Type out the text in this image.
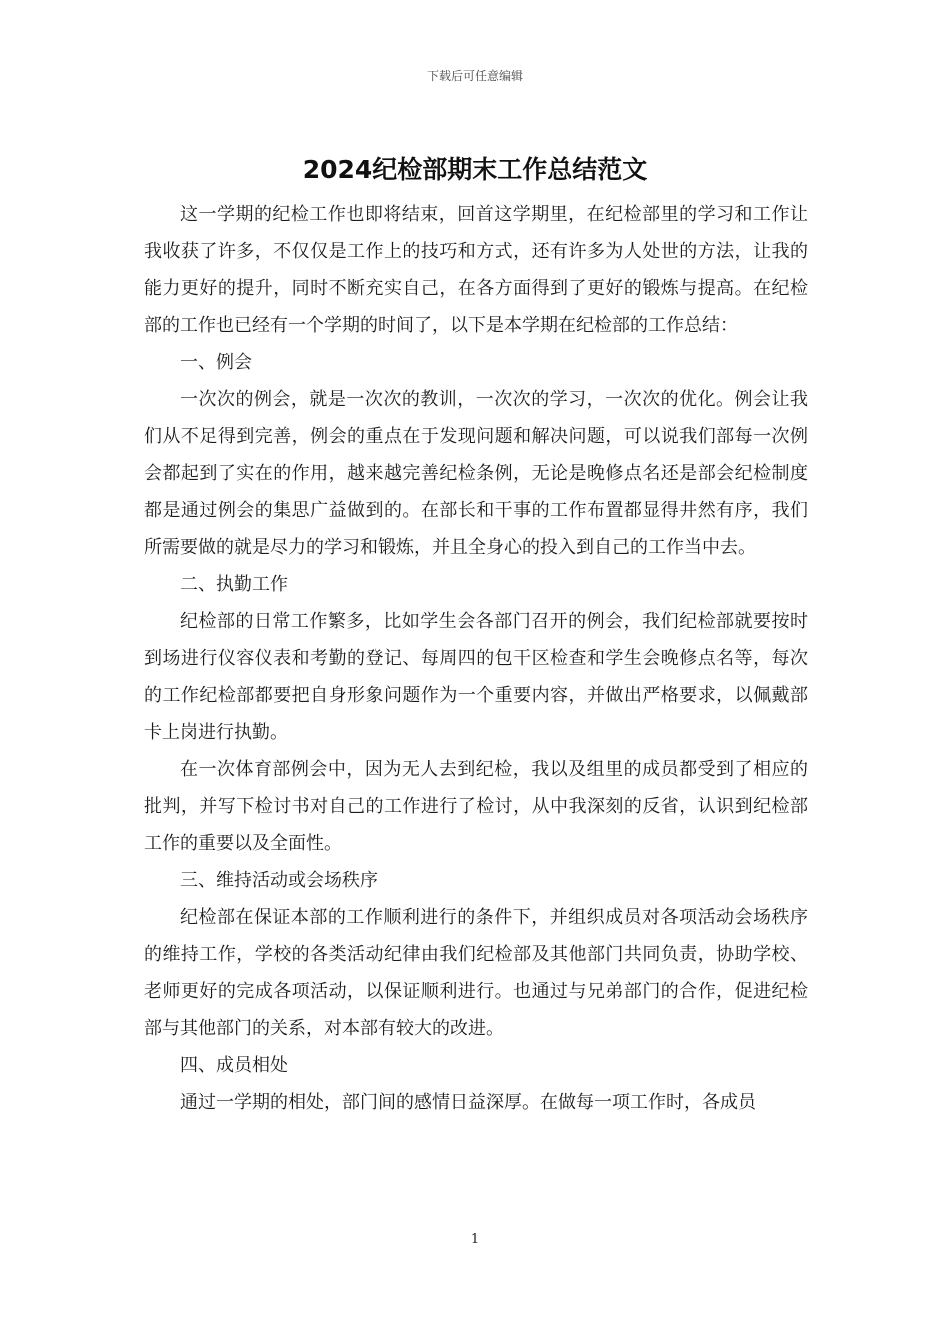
下载后可任意编辑
2024纪检部期末工作总结范文

这一学期的纪检工作也即将结束，回首这学期里，在纪检部里的学习和工作让我收获了许多，不仅仅是工作上的技巧和方式，还有许多为人处世的方法，让我的能力更好的提升，同时不断充实自己，在各方面得到了更好的锻炼与提高。在纪检部的工作也已经有一个学期的时间了，以下是本学期在纪检部的工作总结：

一、例会

一次次的例会，就是一次次的教训，一次次的学习，一次次的优化。例会让我们从不足得到完善，例会的重点在于发现问题和解决问题，可以说我们部每一次例会都起到了实在的作用，越来越完善纪检条例，无论是晚修点名还是部会纪检制度都是通过例会的集思广益做到的。在部长和干事的工作布置都显得井然有序，我们所需要做的就是尽力的学习和锻炼，并且全身心的投入到自己的工作当中去。

二、执勤工作

纪检部的日常工作繁多，比如学生会各部门召开的例会，我们纪检部就要按时到场进行仪容仪表和考勤的登记、每周四的包干区检查和学生会晚修点名等，每次的工作纪检部都要把自身形象问题作为一个重要内容，并做出严格要求，以佩戴部卡上岗进行执勤。

在一次体育部例会中，因为无人去到纪检，我以及组里的成员都受到了相应的批判，并写下检讨书对自己的工作进行了检讨，从中我深刻的反省，认识到纪检部工作的重要以及全面性。

三、维持活动或会场秩序

纪检部在保证本部的工作顺利进行的条件下，并组织成员对各项活动会场秩序的维持工作，学校的各类活动纪律由我们纪检部及其他部门共同负责，协助学校、老师更好的完成各项活动，以保证顺利进行。也通过与兄弟部门的合作，促进纪检部与其他部门的关系，对本部有较大的改进。

四、成员相处

通过一学期的相处，部门间的感情日益深厚。在做每一项工作时，各成员

1
